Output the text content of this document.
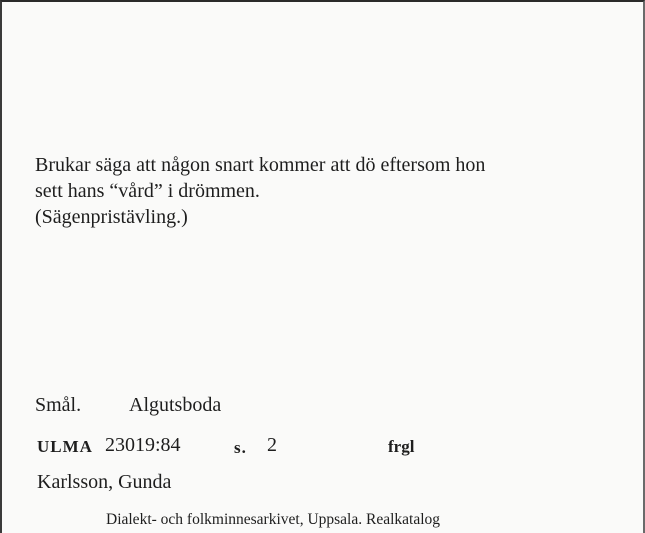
Brukar säga att någon snart kommer att dö eftersom hon
sett hans “vård” i drömmen.
(Sägenpristävling.)
Smål. Algutsboda
ULMA 23019:84	s. 2	frgl
Karlsson, Gunda
Dialekt- och folkminnesarkivet, Uppsala. Realkatalog
